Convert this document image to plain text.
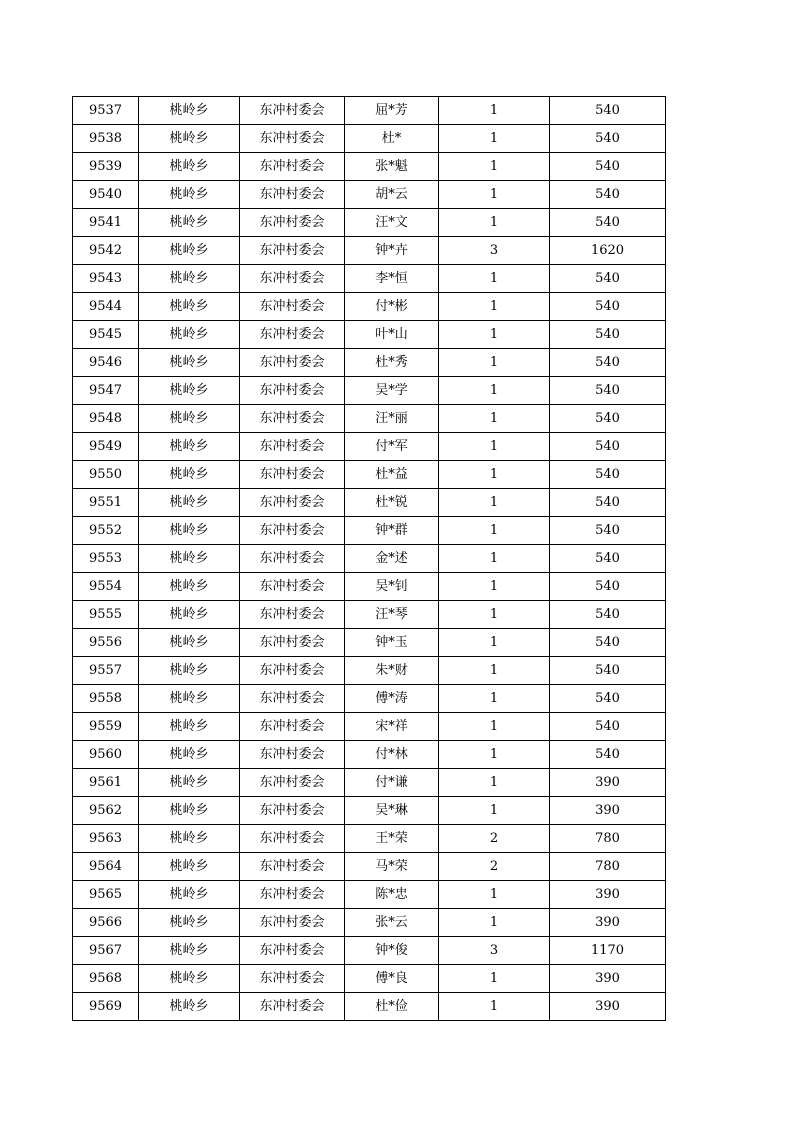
9537	桃岭乡	东冲村委会	屈*芳	1	540
9538	桃岭乡	东冲村委会	杜*	1	540
9539	桃岭乡	东冲村委会	张*魁	1	540
9540	桃岭乡	东冲村委会	胡*云	1	540
9541	桃岭乡	东冲村委会	汪*文	1	540
9542	桃岭乡	东冲村委会	钟*卉	3	1620
9543	桃岭乡	东冲村委会	李*恒	1	540
9544	桃岭乡	东冲村委会	付*彬	1	540
9545	桃岭乡	东冲村委会	叶*山	1	540
9546	桃岭乡	东冲村委会	杜*秀	1	540
9547	桃岭乡	东冲村委会	吴*学	1	540
9548	桃岭乡	东冲村委会	汪*丽	1	540
9549	桃岭乡	东冲村委会	付*军	1	540
9550	桃岭乡	东冲村委会	杜*益	1	540
9551	桃岭乡	东冲村委会	杜*锐	1	540
9552	桃岭乡	东冲村委会	钟*群	1	540
9553	桃岭乡	东冲村委会	金*述	1	540
9554	桃岭乡	东冲村委会	吴*钊	1	540
9555	桃岭乡	东冲村委会	汪*琴	1	540
9556	桃岭乡	东冲村委会	钟*玉	1	540
9557	桃岭乡	东冲村委会	朱*财	1	540
9558	桃岭乡	东冲村委会	傅*涛	1	540
9559	桃岭乡	东冲村委会	宋*祥	1	540
9560	桃岭乡	东冲村委会	付*林	1	540
9561	桃岭乡	东冲村委会	付*谦	1	390
9562	桃岭乡	东冲村委会	吴*琳	1	390
9563	桃岭乡	东冲村委会	王*荣	2	780
9564	桃岭乡	东冲村委会	马*荣	2	780
9565	桃岭乡	东冲村委会	陈*忠	1	390
9566	桃岭乡	东冲村委会	张*云	1	390
9567	桃岭乡	东冲村委会	钟*俊	3	1170
9568	桃岭乡	东冲村委会	傅*良	1	390
9569	桃岭乡	东冲村委会	杜*俭	1	390
